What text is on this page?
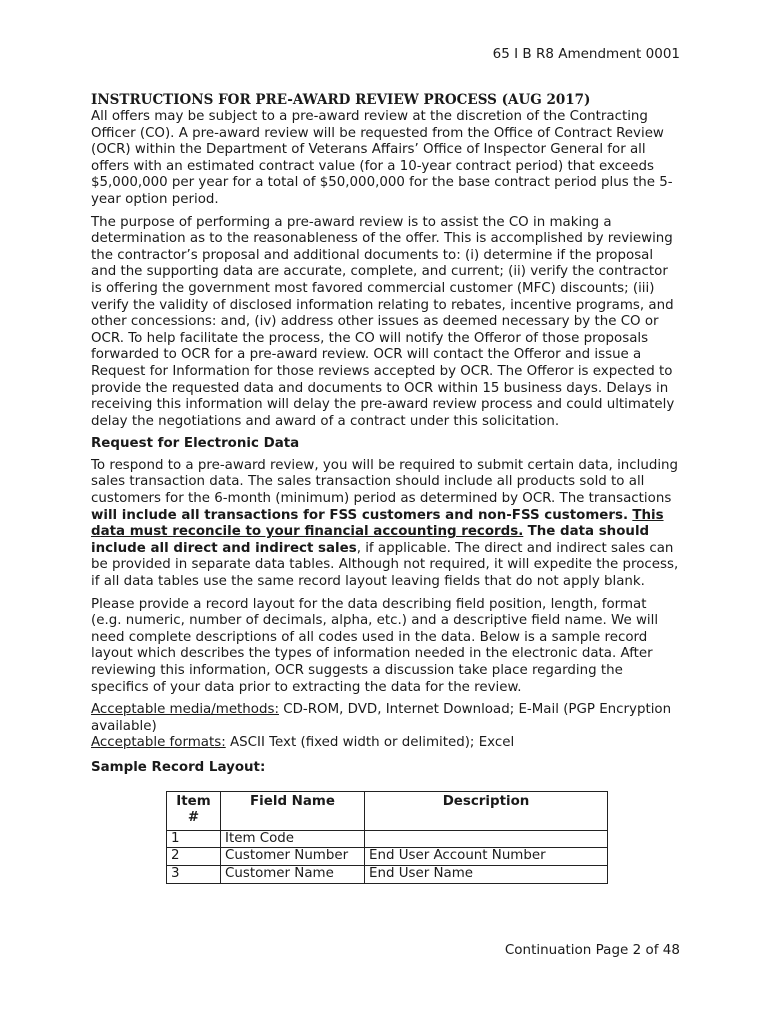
65 I B R8 Amendment 0001
INSTRUCTIONS FOR PRE-AWARD REVIEW PROCESS (AUG 2017)

All offers may be subject to a pre-award review at the discretion of the Contracting Officer (CO). A pre-award review will be requested from the Office of Contract Review (OCR) within the Department of Veterans Affairs’ Office of Inspector General for all offers with an estimated contract value (for a 10-year contract period) that exceeds $5,000,000 per year for a total of $50,000,000 for the base contract period plus the 5-year option period.

The purpose of performing a pre-award review is to assist the CO in making a determination as to the reasonableness of the offer. This is accomplished by reviewing the contractor’s proposal and additional documents to: (i) determine if the proposal and the supporting data are accurate, complete, and current; (ii) verify the contractor is offering the government most favored commercial customer (MFC) discounts; (iii) verify the validity of disclosed information relating to rebates, incentive programs, and other concessions: and, (iv) address other issues as deemed necessary by the CO or OCR. To help facilitate the process, the CO will notify the Offeror of those proposals forwarded to OCR for a pre-award review. OCR will contact the Offeror and issue a Request for Information for those reviews accepted by OCR. The Offeror is expected to provide the requested data and documents to OCR within 15 business days. Delays in receiving this information will delay the pre-award review process and could ultimately delay the negotiations and award of a contract under this solicitation.

Request for Electronic Data

To respond to a pre-award review, you will be required to submit certain data, including sales transaction data. The sales transaction should include all products sold to all customers for the 6-month (minimum) period as determined by OCR. The transactions will include all transactions for FSS customers and non-FSS customers. This data must reconcile to your financial accounting records. The data should include all direct and indirect sales, if applicable. The direct and indirect sales can be provided in separate data tables. Although not required, it will expedite the process, if all data tables use the same record layout leaving fields that do not apply blank.

Please provide a record layout for the data describing field position, length, format (e.g. numeric, number of decimals, alpha, etc.) and a descriptive field name. We will need complete descriptions of all codes used in the data. Below is a sample record layout which describes the types of information needed in the electronic data. After reviewing this information, OCR suggests a discussion take place regarding the specifics of your data prior to extracting the data for the review.

Acceptable media/methods: CD-ROM, DVD, Internet Download; E-Mail (PGP Encryption available)
Acceptable formats: ASCII Text (fixed width or delimited); Excel
Sample Record Layout:
Item #	Field Name	Description
1	Item Code	
2	Customer Number	End User Account Number
3	Customer Name	End User Name
Continuation Page 2 of 48
